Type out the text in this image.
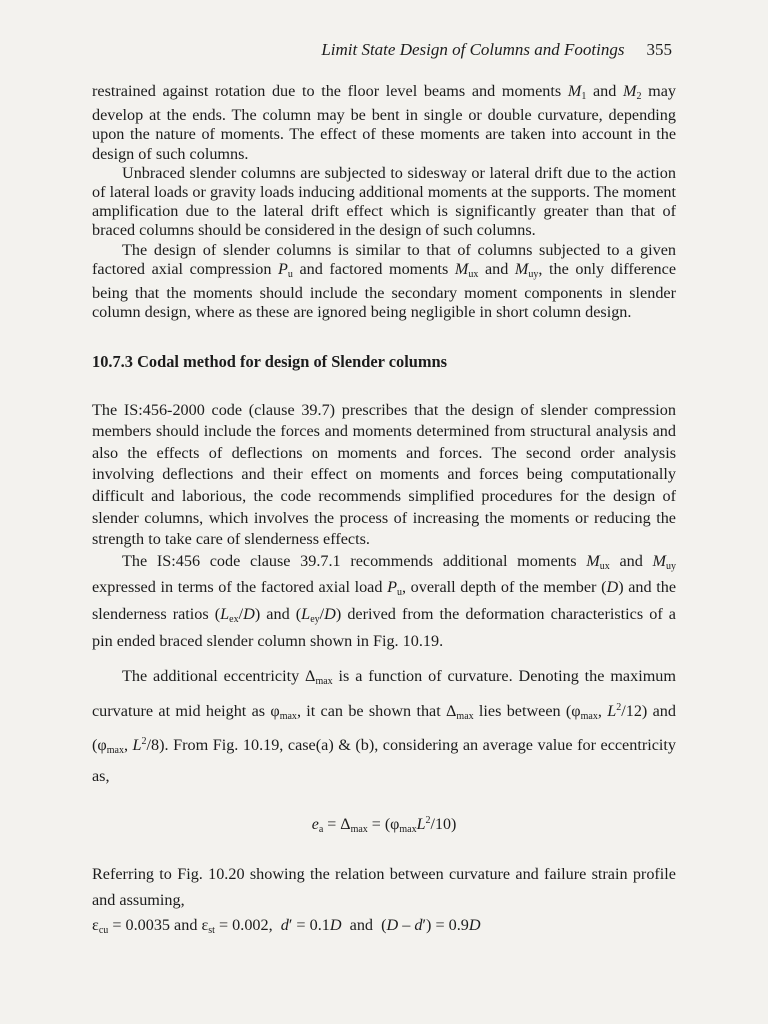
Limit State Design of Columns and Footings 355

restrained against rotation due to the floor level beams and moments $M_1$ and $M_2$ may develop at the ends. The column may be bent in single or double curvature, depending upon the nature of moments. The effect of these moments are taken into account in the design of such columns.

Unbraced slender columns are subjected to sidesway or lateral drift due to the action of lateral loads or gravity loads inducing additional moments at the supports. The moment amplification due to the lateral drift effect which is significantly greater than that of braced columns should be considered in the design of such columns.

The design of slender columns is similar to that of columns subjected to a given factored axial compression $P_u$ and factored moments $M_{ux}$ and $M_{uy}$, the only difference being that the moments should include the secondary moment components in slender column design, where as these are ignored being negligible in short column design.

10.7.3 Codal method for design of Slender columns

The IS:456-2000 code (clause 39.7) prescribes that the design of slender compression members should include the forces and moments determined from structural analysis and also the effects of deflections on moments and forces. The second order analysis involving deflections and their effect on moments and forces being computationally difficult and laborious, the code recommends simplified procedures for the design of slender columns, which involves the process of increasing the moments or reducing the strength to take care of slenderness effects.

The IS:456 code clause 39.7.1 recommends additional moments $M_{ux}$ and $M_{uy}$ expressed in terms of the factored axial load $P_u$, overall depth of the member (D) and the slenderness ratios $(L_{ex}/D)$ and $(L_{ey}/D)$ derived from the deformation characteristics of a pin ended braced slender column shown in Fig. 10.19.

The additional eccentricity $\Delta_{max}$ is a function of curvature. Denoting the maximum curvature at mid height as $\varphi_{max}$, it can be shown that $\Delta_{max}$ lies between ($\varphi_{max}$, $L^2/12$) and ($\varphi_{max}$, $L^2/8$). From Fig. 10.19, case(a) & (b), considering an average value for eccentricity as,

$e_a = \Delta_{max} = (\varphi_{max}L^2/10)$

Referring to Fig. 10.20 showing the relation between curvature and failure strain profile and assuming,

$\varepsilon_{cu} = 0.0035$ and $\varepsilon_{st} = 0.002$,  d′ = 0.1D  and  (D – d′) = 0.9D
